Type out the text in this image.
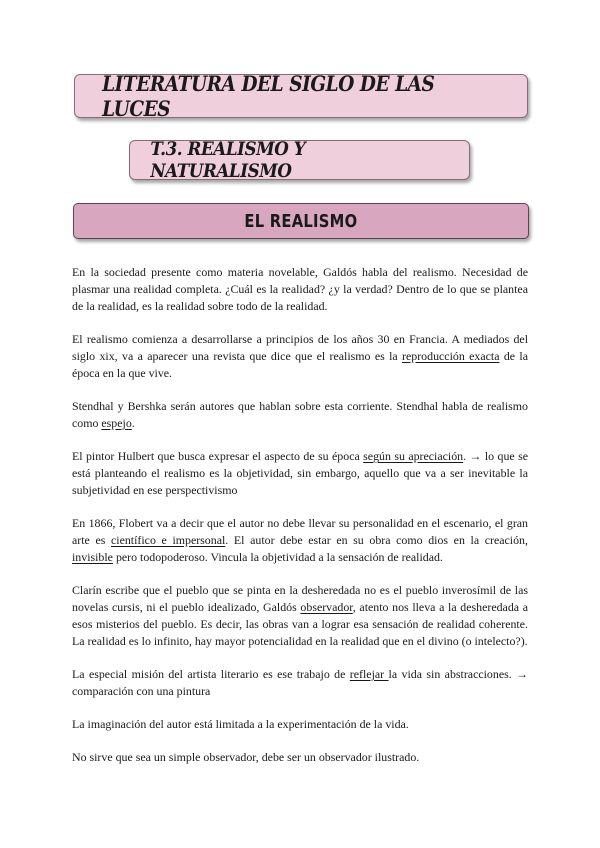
LITERATURA DEL SIGLO DE LAS LUCES
T.3. REALISMO Y NATURALISMO
EL REALISMO

En la sociedad presente como materia novelable, Galdós habla del realismo. Necesidad de plasmar una realidad completa. ¿Cuál es la realidad? ¿y la verdad? Dentro de lo que se plantea de la realidad, es la realidad sobre todo de la realidad.

El realismo comienza a desarrollarse a principios de los años 30 en Francia. A mediados del siglo xix, va a aparecer una revista que dice que el realismo es la reproducción exacta de la época en la que vive.

Stendhal y Bershka serán autores que hablan sobre esta corriente. Stendhal habla de realismo como espejo.

El pintor Hulbert que busca expresar el aspecto de su época según su apreciación. → lo que se está planteando el realismo es la objetividad, sin embargo, aquello que va a ser inevitable la subjetividad en ese perspectivismo

En 1866, Flobert va a decir que el autor no debe llevar su personalidad en el escenario, el gran arte es científico e impersonal. El autor debe estar en su obra como dios en la creación, invisible pero todopoderoso. Vincula la objetividad a la sensación de realidad.

Clarín escribe que el pueblo que se pinta en la desheredada no es el pueblo inverosímil de las novelas cursis, ni el pueblo idealizado, Galdós observador, atento nos lleva a la desheredada a esos misterios del pueblo. Es decir, las obras van a lograr esa sensación de realidad coherente. La realidad es lo infinito, hay mayor potencialidad en la realidad que en el divino (o intelecto?).

La especial misión del artista literario es ese trabajo de reflejar la vida sin abstracciones. → comparación con una pintura

La imaginación del autor está limitada a la experimentación de la vida.

No sirve que sea un simple observador, debe ser un observador ilustrado.
